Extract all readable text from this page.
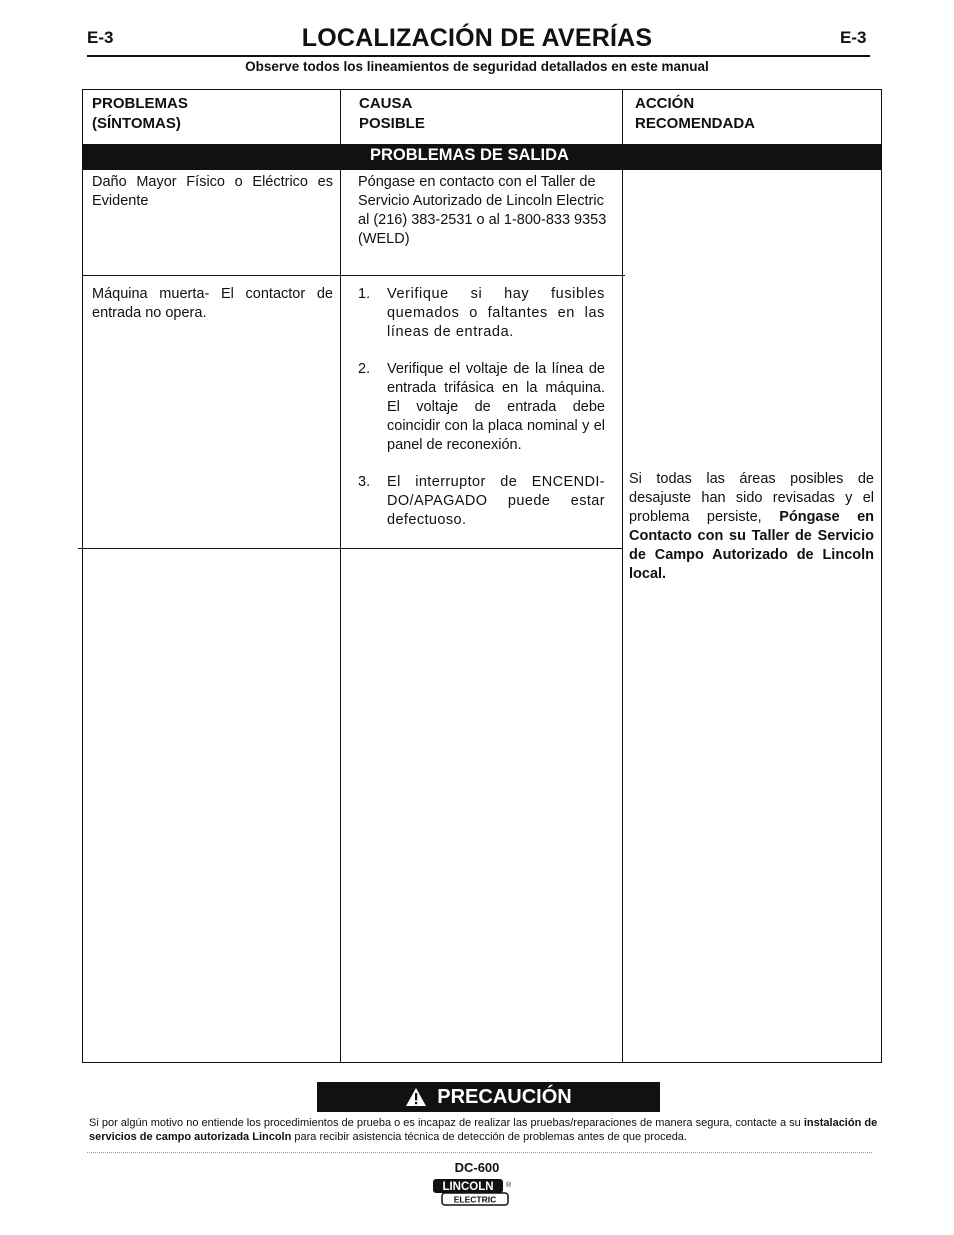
E-3	E-3
LOCALIZACIÓN DE AVERÍAS
Observe todos los lineamientos de seguridad detallados en este manual
PROBLEMAS
(SÍNTOMAS)
CAUSA
POSIBLE
ACCIÓN
RECOMENDADA
PROBLEMAS DE SALIDA
Daño Mayor Físico o Eléctrico es Evidente
Póngase en contacto con el Taller de Servicio Autorizado de Lincoln Electric al (216) 383-2531 o al 1-800-833 9353 (WELD)
Máquina muerta- El contactor de entrada no opera.
1. Verifique si hay fusibles quemados o faltantes en las líneas de entrada.
2. Verifique el voltaje de la línea de entrada trifásica en la máquina. El voltaje de entrada debe coincidir con la placa nominal y el panel de reconexión.
3. El interruptor de ENCENDI-DO/APAGADO puede estar defectuoso.
Si todas las áreas posibles de desajuste han sido revisadas y el problema persiste, Póngase en Contacto con su Taller de Servicio de Campo Autorizado de Lincoln local.
PRECAUCIÓN
Si por algún motivo no entiende los procedimientos de prueba o es incapaz de realizar las pruebas/reparaciones de manera segura, contacte a su instalación de servicios de campo autorizada Lincoln para recibir asistencia técnica de detección de problemas antes de que proceda.
DC-600
LINCOLN ®
ELECTRIC
